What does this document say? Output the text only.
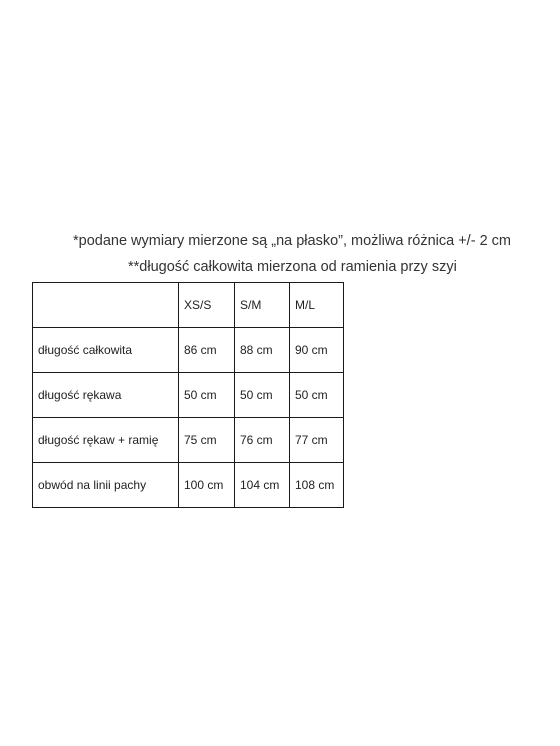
*podane wymiary mierzone są „na płasko”, możliwa różnica +/- 2 cm
**długość całkowita mierzona od ramienia przy szyi
	XS/S	S/M	M/L
długość całkowita	86 cm	88 cm	90 cm
długość rękawa	50 cm	50 cm	50 cm
długość rękaw + ramię	75 cm	76 cm	77 cm
obwód na linii pachy	100 cm	104 cm	108 cm
